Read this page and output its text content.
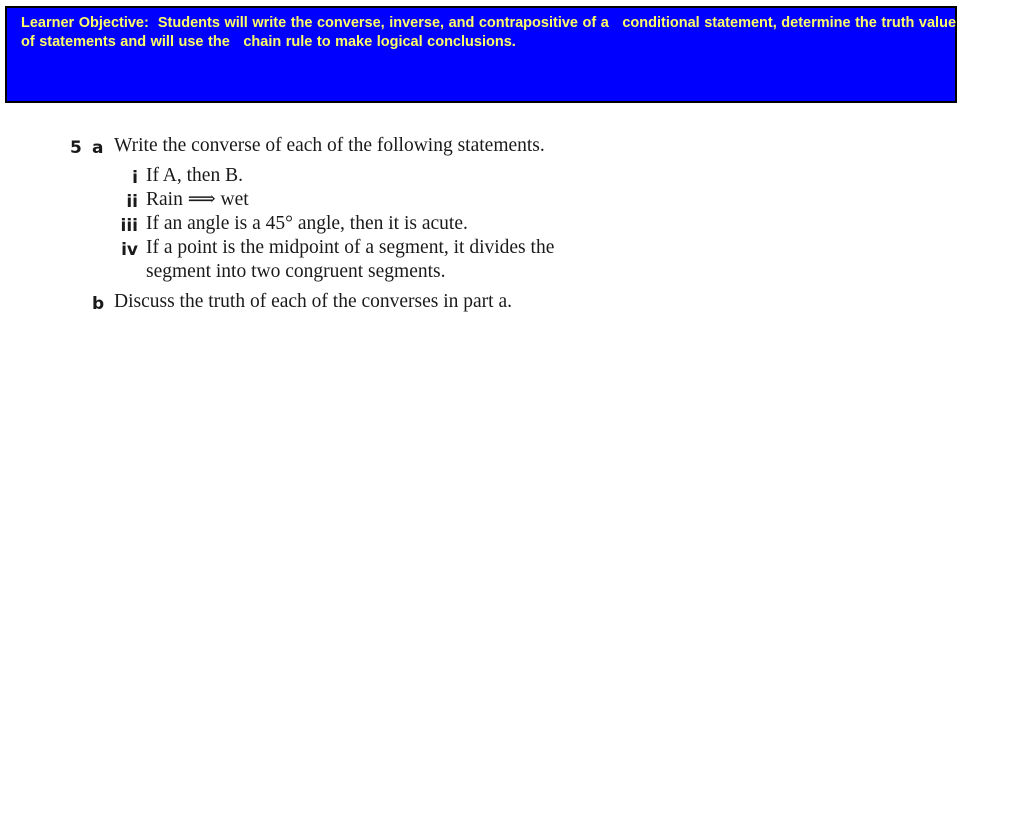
Learner Objective:  Students will write the converse, inverse, and contrapositive of a   conditional statement, determine the truth value of statements and will use the   chain rule to make logical conclusions.

5 a Write the converse of each of the following statements.
i If A, then B.
ii Rain ⟹ wet
iii If an angle is a 45° angle, then it is acute.
iv If a point is the midpoint of a segment, it divides the
segment into two congruent segments.
b Discuss the truth of each of the converses in part a.
